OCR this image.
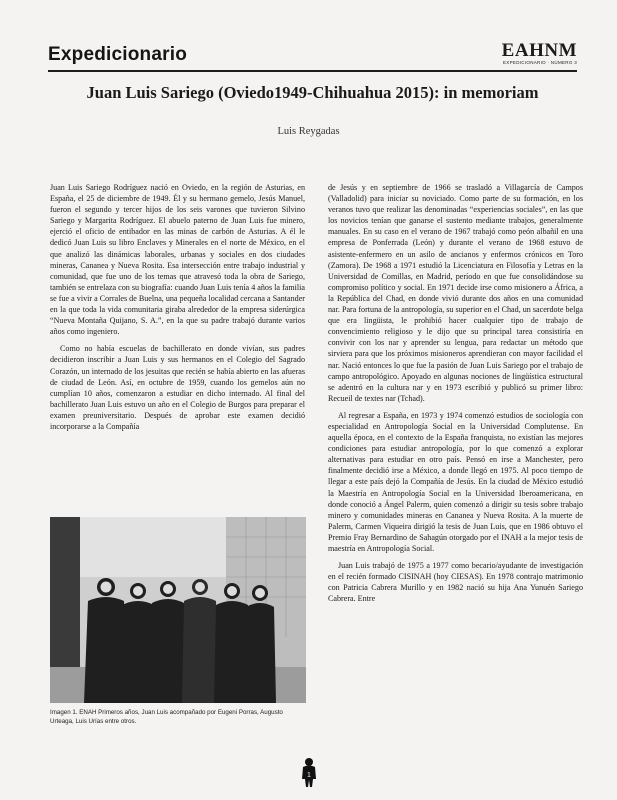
Expedicionario	EAHNM
EXPEDICIONARIO · NÚMERO 3
Juan Luis Sariego (Oviedo1949-Chihuahua 2015): in memoriam
Luis Reygadas

Juan Luis Sariego Rodríguez nació en Oviedo, en la región de Asturias, en España, el 25 de diciembre de 1949. Él y su hermano gemelo, Jesús Manuel, fueron el segundo y tercer hijos de los seis varones que tuvieron Silvino Sariego y Margarita Rodríguez. El abuelo paterno de Juan Luis fue minero, ejerció el oficio de entibador en las minas de carbón de Asturias. A él le dedicó Juan Luis su libro Enclaves y Minerales en el norte de México, en el que analizó las dinámicas laborales, urbanas y sociales en dos ciudades mineras, Cananea y Nueva Rosita. Esa intersección entre trabajo industrial y comunidad, que fue uno de los temas que atravesó toda la obra de Sariego, también se entrelaza con su biografía: cuando Juan Luis tenía 4 años la familia se fue a vivir a Corrales de Buelna, una pequeña localidad cercana a Santander en la que toda la vida comunitaria giraba alrededor de la empresa siderúrgica “Nueva Montaña Quijano, S. A.”, en la que su padre trabajó durante varios años como ingeniero.

Como no había escuelas de bachillerato en donde vivían, sus padres decidieron inscribir a Juan Luis y sus hermanos en el Colegio del Sagrado Corazón, un internado de los jesuitas que recién se había abierto en las afueras de ciudad de León. Así, en octubre de 1959, cuando los gemelos aún no cumplían 10 años, comenzaron a estudiar en dicho internado. Al final del bachillerato Juan Luis estuvo un año en el Colegio de Burgos para preparar el examen preuniversitario. Después de aprobar este examen decidió incorporarse a la Compañía

Imagen 1. ENAH Primeros años, Juan Luis acompañado por Eugeni Porras, Augusto Urteaga, Luis Urías entre otros.

de Jesús y en septiembre de 1966 se trasladó a Villagarcía de Campos (Valladolid) para iniciar su noviciado. Como parte de su formación, en los veranos tuvo que realizar las denominadas “experiencias sociales”, en las que los novicios tenían que ganarse el sustento mediante trabajos, generalmente manuales. En su caso en el verano de 1967 trabajó como peón albañil en una empresa de Ponferrada (León) y durante el verano de 1968 estuvo de asistente-enfermero en un asilo de ancianos y enfermos crónicos en Toro (Zamora). De 1968 a 1971 estudió la Licenciatura en Filosofía y Letras en la Universidad de Comillas, en Madrid, período en que fue consolidándose su compromiso político y social. En 1971 decide irse como misionero a África, a la República del Chad, en donde vivió durante dos años en una comunidad nar. Para fortuna de la antropología, su superior en el Chad, un sacerdote belga que era lingüista, le prohibió hacer cualquier tipo de trabajo de convencimiento religioso y le dijo que su principal tarea consistiría en convivir con los nar y aprender su lengua, para redactar un método que sirviera para que los próximos misioneros aprendieran con mayor facilidad el nar. Nació entonces lo que fue la pasión de Juan Luis Sariego por el trabajo de campo antropológico. Apoyado en algunas nociones de lingüística estructural se adentró en la cultura nar y en 1973 escribió y publicó su primer libro: Recueil de textes nar (Tchad).

Al regresar a España, en 1973 y 1974 comenzó estudios de sociología con especialidad en Antropología Social en la Universidad Complutense. En aquella época, en el contexto de la España franquista, no existían las mejores condiciones para estudiar antropología, por lo que comenzó a explorar alternativas para estudiar en otro país. Pensó en irse a Manchester, pero finalmente decidió irse a México, a donde llegó en 1975. Al poco tiempo de llegar a este país dejó la Compañía de Jesús. En la ciudad de México estudió la Maestría en Antropología Social en la Universidad Iberoamericana, en donde conoció a Ángel Palerm, quien comenzó a dirigir su tesis sobre trabajo minero y comunidades mineras en Cananea y Nueva Rosita. A la muerte de Palerm, Carmen Viqueira dirigió la tesis de Juan Luis, que en 1986 obtuvo el Premio Fray Bernardino de Sahagún otorgado por el INAH a la mejor tesis de maestría en Antropología Social.

Juan Luis trabajó de 1975 a 1977 como becario/ayudante de investigación en el recién formado CISINAH (hoy CIESAS). En 1978 contrajo matrimonio con Patricia Cabrera Murillo y en 1982 nació su hija Ana Yunuén Sariego Cabrera. Entre

1
